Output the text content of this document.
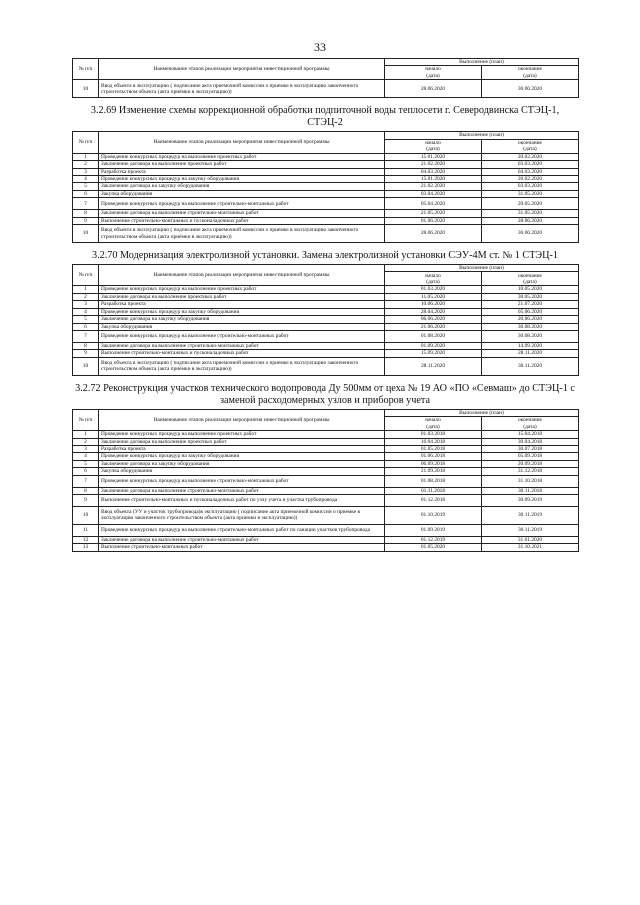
33
№ п/п	Наименование этапов реализации мероприятия инвестиционной программы	Выполнение (план)	
		начало	окончание
		(дата)	(дата)
10	Ввод объекта в эксплуатацию ( подписание акта приемочной комиссии о приемке в эксплуатацию законченного строительством объекта (акта приёмки в эксплуатацию))	28.06.2020	30.06.2020
3.2.69 Изменение схемы коррекционной обработки подпиточной воды теплосети г. Северодвинска СТЭЦ-1, СТЭЦ-2
№ п/п	Наименование этапов реализации мероприятия инвестиционной программы	Выполнение (план)	
		начало	окончание
		(дата)	(дата)
1	Проведение конкурсных процедур на выполнение проектных работ	15.01.2020	20.02.2020
2	Заключение договора на выполнение проектных работ	21.02.2020	03.03.2020
3	Разработка проекта	04.03.2020	04.03.2020
4	Проведение конкурсных процедур на закупку оборудования	15.01.2020	20.02.2020
5	Заключение договора на закупку оборудования	21.02.2020	03.03.2020
6	Закупка оборудования	03.04.2020	31.05.2020
7	Проведение конкурсных процедур на выполнение строительно-монтажных работ	05.04.2020	20.05.2020
8	Заключение договора на выполнение строительно-монтажных работ	21.05.2020	31.05.2020
9	Выполнение строительно-монтажных и пусконаладочных работ	01.06.2020	28.06.2020
10	Ввод объекта в эксплуатацию ( подписание акта приемочной комиссии о приемке в эксплуатацию законченного строительством объекта (акта приёмки в эксплуатацию))	28.06.2020	30.06.2020
3.2.70 Модернизация электролизной установки. Замена электролизной установки СЭУ-4М ст. № 1 СТЭЦ-1
№ п/п	Наименование этапов реализации мероприятия инвестиционной программы	Выполнение (план)	
		начало	окончание
		(дата)	(дата)
1	Проведение конкурсных процедур на выполнение проектных работ	01.03.2020	10.05.2020
2	Заключение договора на выполнение проектных работ	11.05.2020	30.05.2020
3	Разработка проекта	10.06.2020	21.07.2020
4	Проведение конкурсных процедур на закупку оборудования	28.04.2020	05.06.2020
5	Заключение договора на закупку оборудования	06.06.2020	20.06.2020
6	Закупка оборудования	21.06.2020	30.08.2020
7	Проведение конкурсных процедур на выполнение строительно-монтажных работ	01.08.2020	30.08.2020
8	Заключение договора на выполнение строительно-монтажных работ	01.09.2020	14.09.2020
9	Выполнение строительно-монтажных и пусконаладочных работ	15.09.2020	28.11.2020
10	Ввод объекта в эксплуатацию ( подписание акта приемочной комиссии о приемке в эксплуатацию законченного строительством объекта (акта приёмки в эксплуатацию))	28.11.2020	30.11.2020
3.2.72 Реконструкция участков технического водопровода Ду 500мм от цеха № 19 АО «ПО «Севмаш» до СТЭЦ-1 с заменой расходомерных узлов и приборов учета
№ п/п	Наименование этапов реализации мероприятия инвестиционной программы	Выполнение (план)	
		начало	окончание
		(дата)	(дата)
1	Проведение конкурсных процедур на выполнение проектных работ	01.03.2018	15.04.2018
2	Заключение договора на выполнение проектных работ	16.04.2018	30.04.2018
3	Разработка проекта	01.05.2018	30.07.2018
4	Проведение конкурсных процедур на закупку оборудования	01.06.2018	05.09.2018
5	Заключение договора на закупку оборудования	06.09.2018	20.09.2018
6	Закупка оборудования	21.09.2018	31.12.2018
7	Проведение конкурсных процедур на выполнение строительно-монтажных работ	01.08.2018	31.10.2018
8	Заключение договора на выполнение строительно-монтажных работ	01.11.2018	30.11.2018
9	Выполнение строительно-монтажных и пусконаладочных работ по узлу учета и участка трубопровода	01.12.2018	30.09.2019
10	Ввод объекта (УУ и участок трубопровода)в эксплуатацию ( подписание акта приемочной комиссии о приемке в эксплуатацию законченного строительством объекта (акта приемки в эксплуатацию))	01.10.2019	30.11.2019
11	Проведение конкурсных процедур на выполнение строительно-монтажных работ по санации участков трубопровода	01.09.2019	30.11.2019
12	Заключение договора на выполнение строительно-монтажных работ	01.12.2019	31.01.2020
13	Выполнение строительно-монтажных работ	01.05.2020	31.10.2021
